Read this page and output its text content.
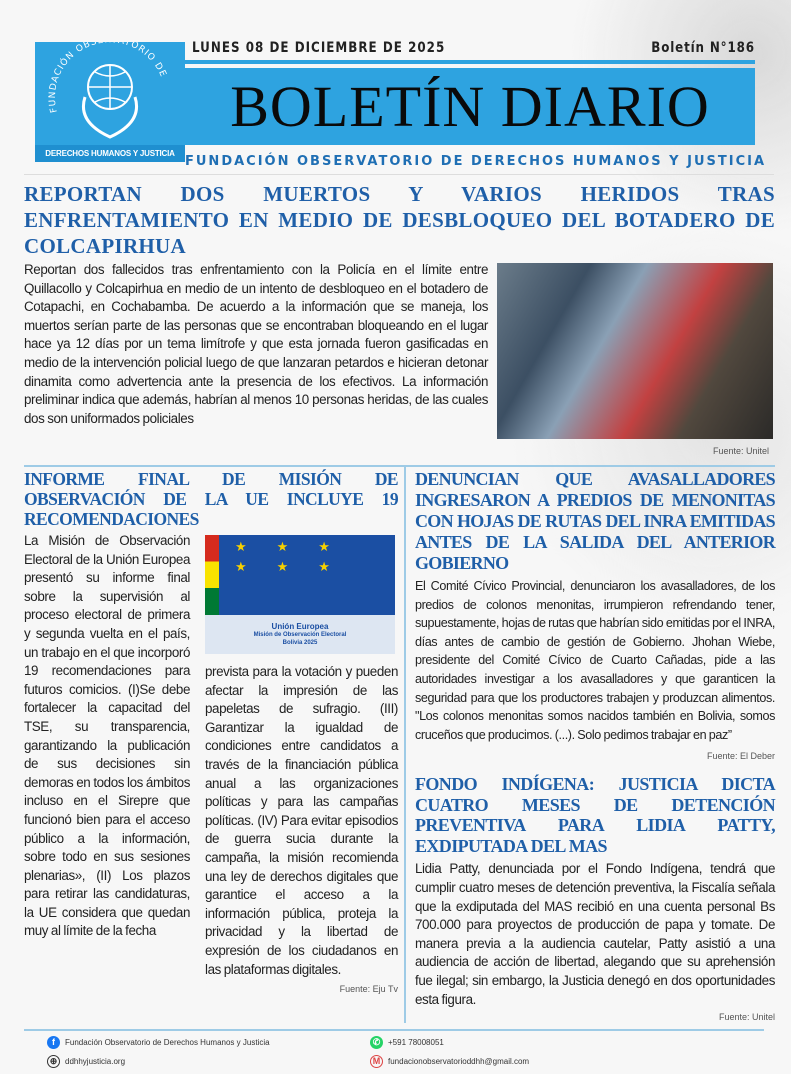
FUNDACIÓN OBS TORIO DE
DERECHOS HUMANOS Y JUSTICIA
LUNES 08 DE DICIEMBRE DE 2025	Boletín N°186
BOLETÍN DIARIO
FUNDACIÓN OBSERVATORIO DE DERECHOS HUMANOS Y JUSTICIA
REPORTAN DOS MUERTOS Y VARIOS HERIDOS TRAS ENFRENTAMIENTO EN MEDIO DE DESBLOQUEO DEL BOTADERO DE COLCAPIRHUA
Reportan dos fallecidos tras enfrentamiento con la Policía en el límite entre Quillacollo y Colcapirhua en medio de un intento de desbloqueo en el botadero de Cotapachi, en Cochabamba. De acuerdo a la información que se maneja, los muertos serían parte de las personas que se encontraban bloqueando en el lugar hace ya 12 días por un tema limítrofe y que esta jornada fueron gasificadas en medio de la intervención policial luego de que lanzaran petardos e hicieran detonar dinamita como advertencia ante la presencia de los efectivos. La información preliminar indica que además, habrían al menos 10 personas heridas, de las cuales dos son uniformados policiales
Fuente: Unitel
INFORME FINAL DE MISIÓN DE OBSERVACIÓN DE LA UE INCLUYE 19 RECOMENDACIONES
La Misión de Observación Electoral de la Unión Europea presentó su informe final sobre la supervisión al proceso electoral de primera y segunda vuelta en el país, un trabajo en el que incorporó 19 recomendaciones para futuros comicios. (I)Se debe fortalecer la capacitad del TSE, su transparencia, garantizando la publicación de sus decisiones sin demoras en todos los ámbitos incluso en el Sirepre que funcionó bien para el acceso público a la información, sobre todo en sus sesiones plenarias», (II) Los plazos para retirar las candidaturas, la UE considera que quedan muy al límite de la fecha
★★★ ★★★
Unión Europea
Misión de Observación Electoral
Bolivia 2025
prevista para la votación y pueden afectar la impresión de las papeletas de sufragio. (III) Garantizar la igualdad de condiciones entre candidatos a través de la financiación pública anual a las organizaciones políticas y para las campañas políticas. (IV) Para evitar episodios de guerra sucia durante la campaña, la misión recomienda una ley de derechos digitales que garantice el acceso a la información pública, proteja la privacidad y la libertad de expresión de los ciudadanos en las plataformas digitales.
Fuente: Eju Tv
DENUNCIAN QUE AVASALLADORES INGRESARON A PREDIOS DE MENONITAS CON HOJAS DE RUTAS DEL INRA EMITIDAS ANTES DE LA SALIDA DEL ANTERIOR GOBIERNO
El Comité Cívico Provincial, denunciaron los avasalladores, de los predios de colonos menonitas, irrumpieron refrendando tener, supuestamente, hojas de rutas que habrían sido emitidas por el INRA, días antes de cambio de gestión de Gobierno. Jhohan Wiebe, presidente del Comité Cívico de Cuarto Cañadas, pide a las autoridades investigar a los avasalladores y que garanticen la seguridad para que los productores trabajen y produzcan alimentos. "Los colonos menonitas somos nacidos también en Bolivia, somos cruceños que producimos. (...). Solo pedimos trabajar en paz”
Fuente: El Deber
FONDO INDÍGENA: JUSTICIA DICTA CUATRO MESES DE DETENCIÓN PREVENTIVA PARA LIDIA PATTY, EXDIPUTADA DEL MAS
Lidia Patty, denunciada por el Fondo Indígena, tendrá que cumplir cuatro meses de detención preventiva, la Fiscalía señala que la exdiputada del MAS recibió en una cuenta personal Bs 700.000 para proyectos de producción de papa y tomate. De manera previa a la audiencia cautelar, Patty asistió a una audiencia de acción de libertad, alegando que su aprehensión fue ilegal; sin embargo, la Justicia denegó en dos oportunidades esta figura.
Fuente: Unitel
f	Fundación Observatorio de Derechos Humanos y Justicia	✆ +591 78008051
⊕ ddhhyjusticia.org	M fundacionobservatorioddhh@gmail.com
